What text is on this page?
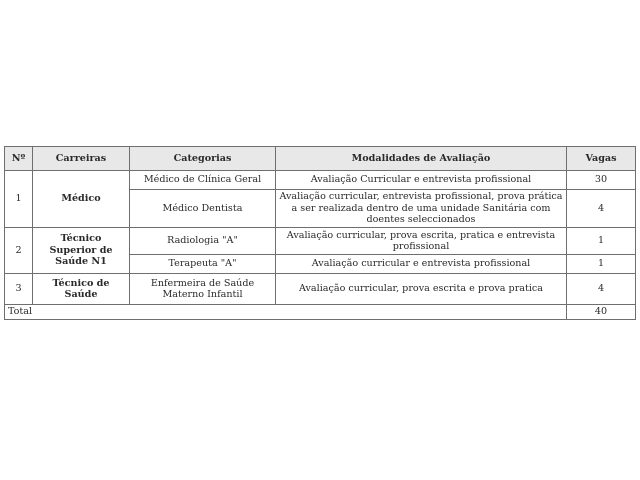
Nº	Carreiras	Categorias	Modalidades de Avaliação	Vagas
1	Médico	Médico de Clínica Geral	Avaliação Curricular e entrevista profissional	30
		Médico Dentista	Avaliação curricular, entrevista profissional, prova prática a ser realizada dentro de uma unidade Sanitária com doentes seleccionados	4
2	Técnico Superior de Saúde N1	Radiologia "A"	Avaliação curricular, prova escrita, pratica e entrevista profissional	1
		Terapeuta "A"	Avaliação curricular e entrevista profissional	1
3	Técnico de Saúde	Enfermeira de Saúde Materno Infantil	Avaliação curricular, prova escrita e prova pratica	4
Total				40
